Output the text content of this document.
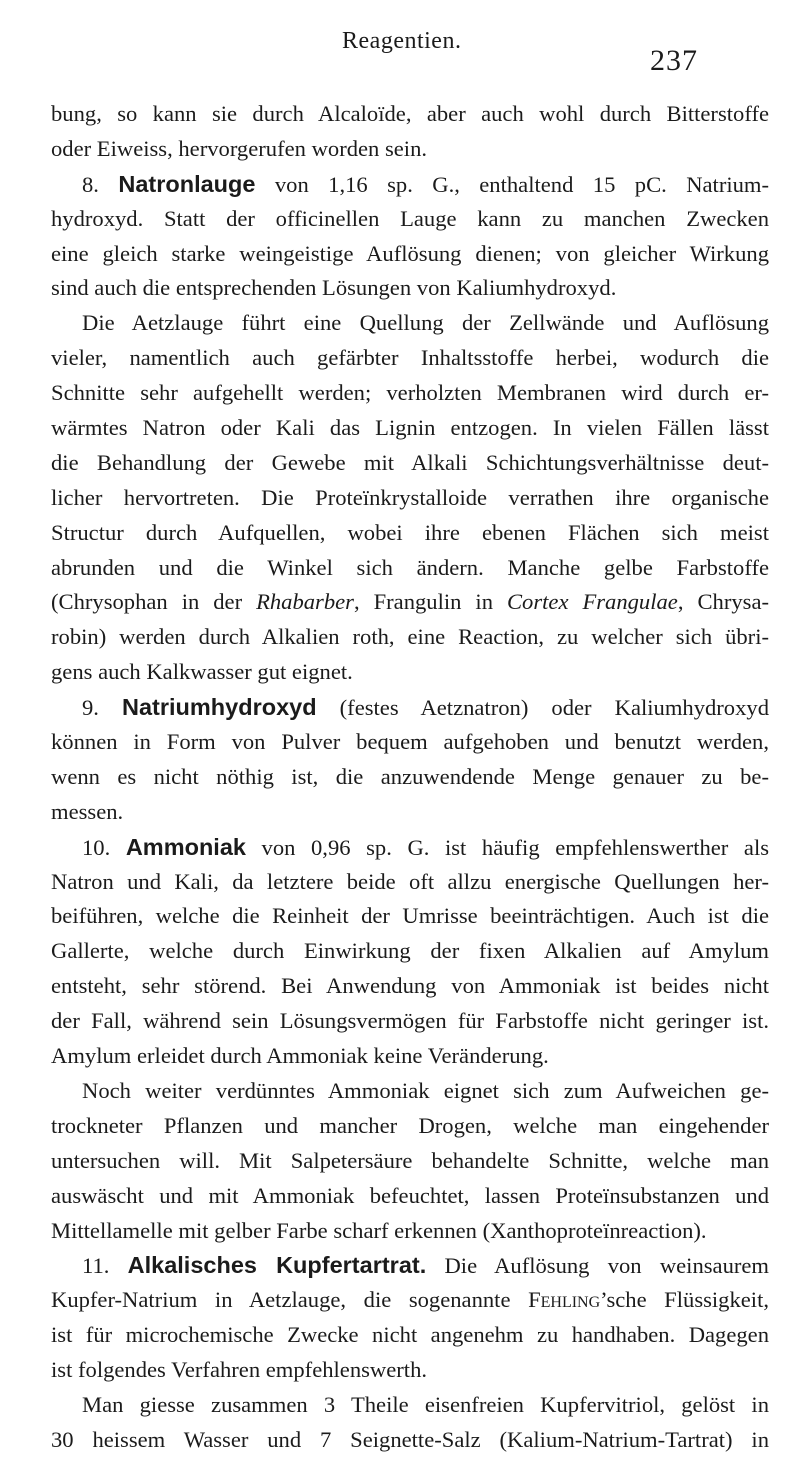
Reagentien.
237
bung, so kann sie durch Alcaloïde, aber auch wohl durch Bitterstoffe
oder Eiweiss, hervorgerufen worden sein.
8. Natronlauge von 1,16 sp. G., enthaltend 15 pC. Natrium-
hydroxyd. Statt der officinellen Lauge kann zu manchen Zwecken
eine gleich starke weingeistige Auflösung dienen; von gleicher Wirkung
sind auch die entsprechenden Lösungen von Kaliumhydroxyd.
Die Aetzlauge führt eine Quellung der Zellwände und Auflösung
vieler, namentlich auch gefärbter Inhaltsstoffe herbei, wodurch die
Schnitte sehr aufgehellt werden; verholzten Membranen wird durch er-
wärmtes Natron oder Kali das Lignin entzogen. In vielen Fällen lässt
die Behandlung der Gewebe mit Alkali Schichtungsverhältnisse deut-
licher hervortreten. Die Proteïnkrystalloide verrathen ihre organische
Structur durch Aufquellen, wobei ihre ebenen Flächen sich meist
abrunden und die Winkel sich ändern. Manche gelbe Farbstoffe
(Chrysophan in der Rhabarber, Frangulin in Cortex Frangulae, Chrysa-
robin) werden durch Alkalien roth, eine Reaction, zu welcher sich übri-
gens auch Kalkwasser gut eignet.
9. Natriumhydroxyd (festes Aetznatron) oder Kaliumhydroxyd
können in Form von Pulver bequem aufgehoben und benutzt werden,
wenn es nicht nöthig ist, die anzuwendende Menge genauer zu be-
messen.
10. Ammoniak von 0,96 sp. G. ist häufig empfehlenswerther als
Natron und Kali, da letztere beide oft allzu energische Quellungen her-
beiführen, welche die Reinheit der Umrisse beeinträchtigen. Auch ist die
Gallerte, welche durch Einwirkung der fixen Alkalien auf Amylum
entsteht, sehr störend. Bei Anwendung von Ammoniak ist beides nicht
der Fall, während sein Lösungsvermögen für Farbstoffe nicht geringer ist.
Amylum erleidet durch Ammoniak keine Veränderung.
Noch weiter verdünntes Ammoniak eignet sich zum Aufweichen ge-
trockneter Pflanzen und mancher Drogen, welche man eingehender
untersuchen will. Mit Salpetersäure behandelte Schnitte, welche man
auswäscht und mit Ammoniak befeuchtet, lassen Proteïnsubstanzen und
Mittellamelle mit gelber Farbe scharf erkennen (Xanthoproteïnreaction).
11. Alkalisches Kupfertartrat. Die Auflösung von weinsaurem
Kupfer-Natrium in Aetzlauge, die sogenannte Fehling’sche Flüssigkeit,
ist für microchemische Zwecke nicht angenehm zu handhaben. Dagegen
ist folgendes Verfahren empfehlenswerth.
Man giesse zusammen 3 Theile eisenfreien Kupfervitriol, gelöst in
30 heissem Wasser und 7 Seignette-Salz (Kalium-Natrium-Tartrat) in
